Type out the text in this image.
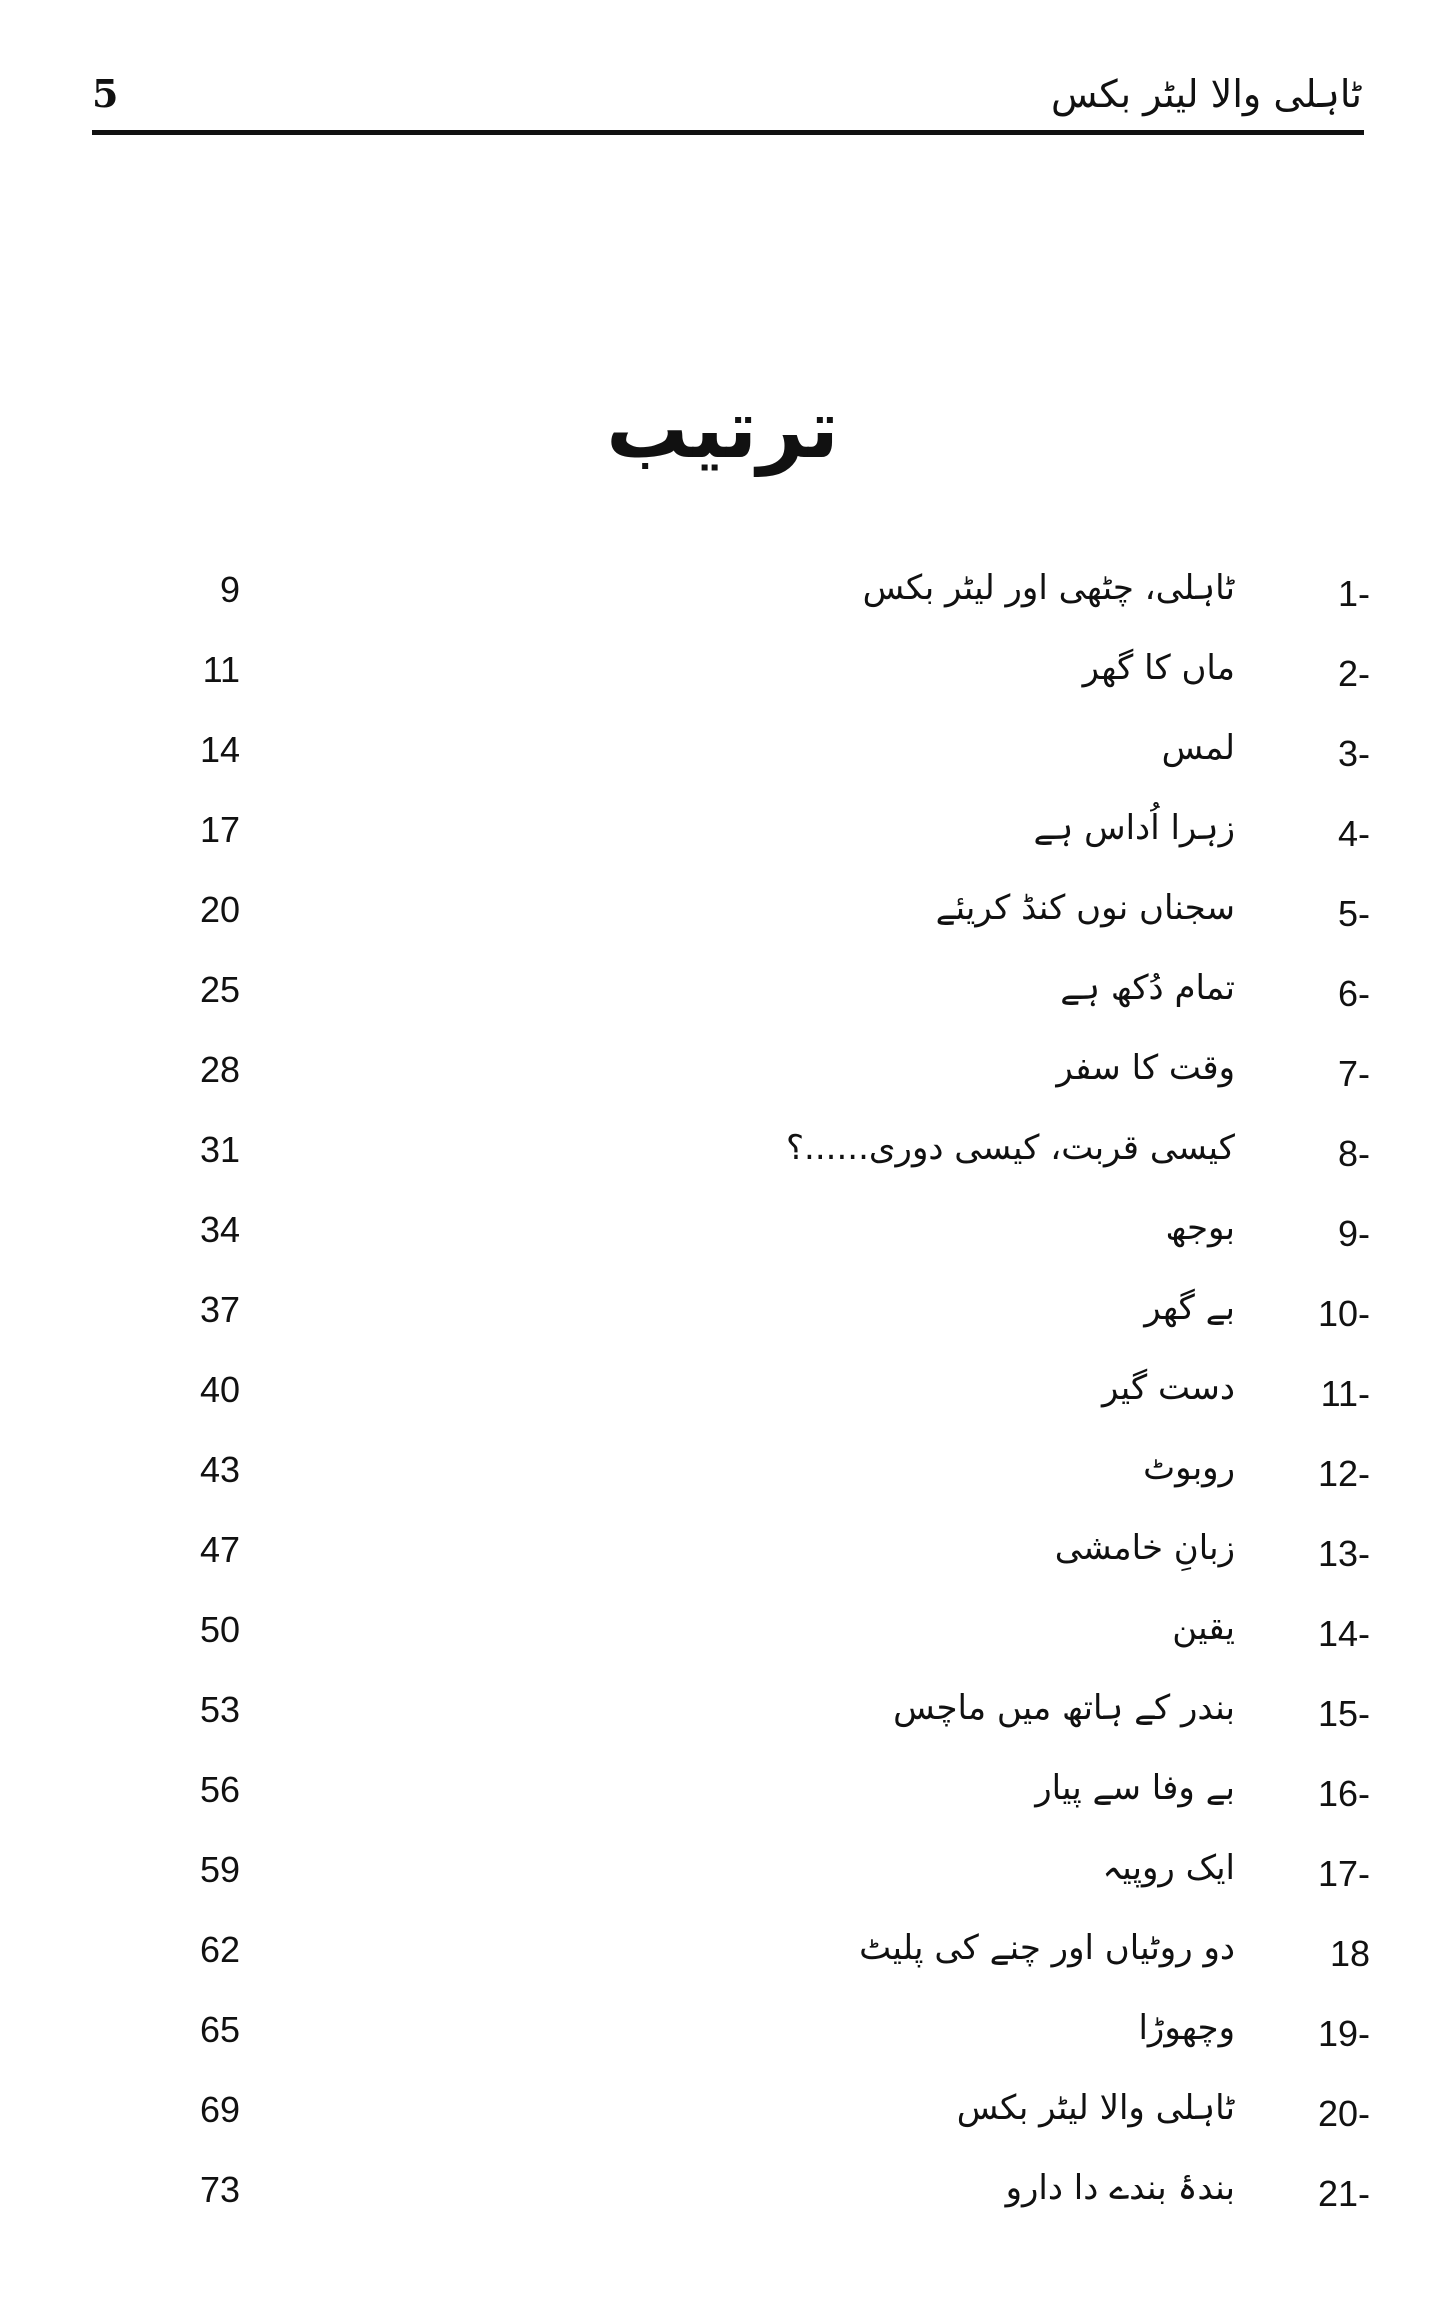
5	ٹاہلی والا لیٹر بکس
ترتیب
9	ٹاہلی، چٹھی اور لیٹر بکس	1-
11	ماں کا گھر	2-
14	لمس	3-
17	زہرا اُداس ہے	4-
20	سجناں نوں کنڈ کریئے	5-
25	تمام دُکھ ہے	6-
28	وقت کا سفر	7-
31	کیسی قربت، کیسی دوری......؟	8-
34	بوجھ	9-
37	بے گھر	10-
40	دست گیر	11-
43	روبوٹ	12-
47	زبانِ خامشی	13-
50	یقین	14-
53	بندر کے ہاتھ میں ماچس	15-
56	بے وفا سے پیار	16-
59	ایک روپیہ	17-
62	دو روٹیاں اور چنے کی پلیٹ	18
65	وچھوڑا	19-
69	ٹاہلی والا لیٹر بکس	20-
73	بندۂ بندے دا دارو	21-
